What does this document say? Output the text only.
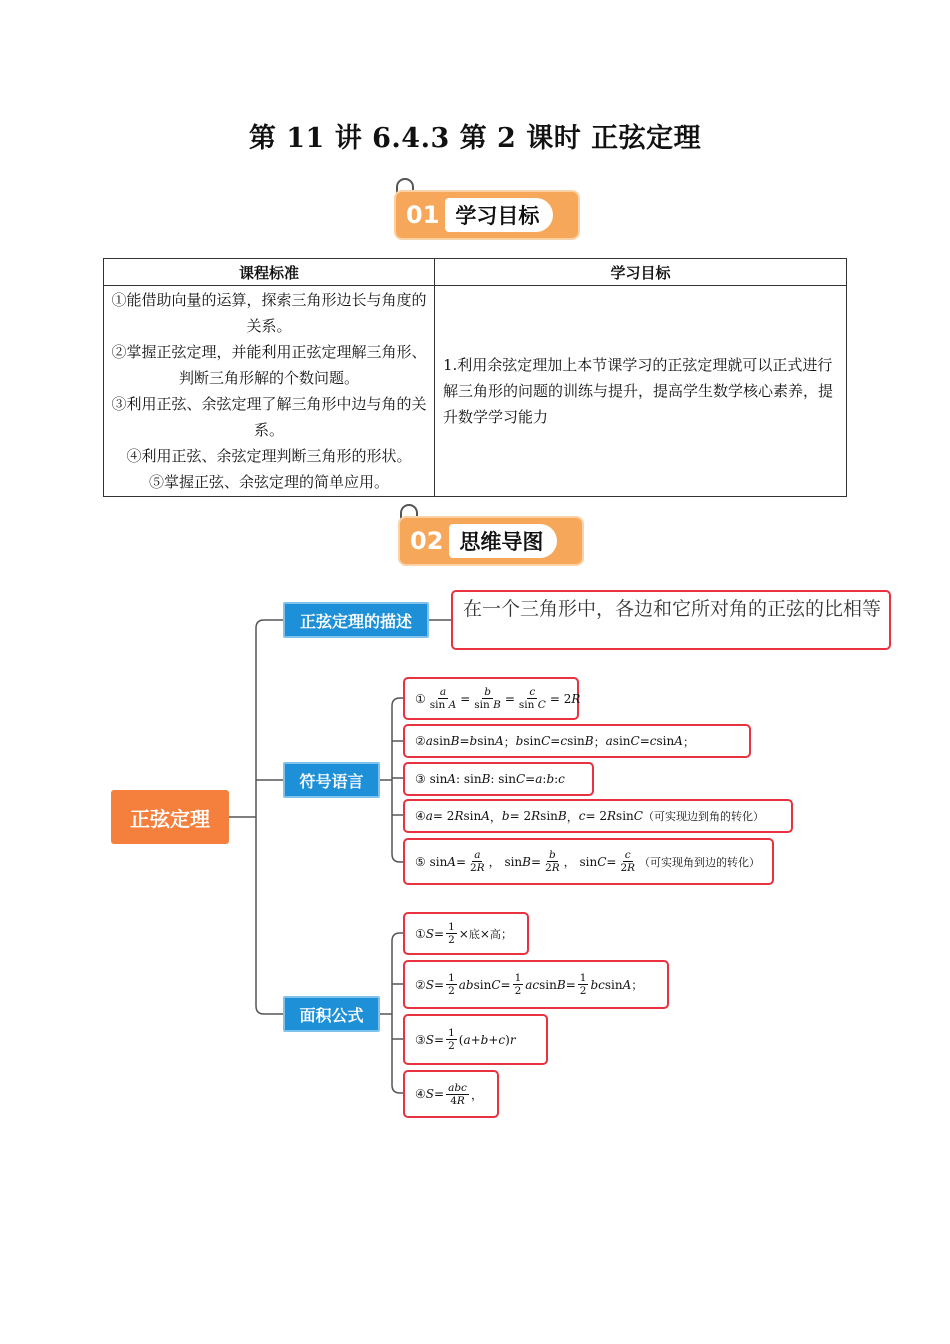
第 11 讲 6.4.3 第 2 课时 正弦定理
01 学习目标
课程标准	学习目标

①能借助向量的运算，探索三角形边长与角度的关系。
②掌握正弦定理，并能利用正弦定理解三角形、判断三角形解的个数问题。
③利用正弦、余弦定理了解三角形中边与角的关系。
④利用正弦、余弦定理判断三角形的形状。
⑤掌握正弦、余弦定理的简单应用。	1.利用余弦定理加上本节课学习的正弦定理就可以正式进行解三角形的问题的训练与提升，提高学生数学核心素养，提升数学学习能力
02 思维导图
正弦定理
正弦定理的描述
符号语言
面积公式
在一个三角形中，各边和它所对角的正弦的比相等
① $\frac{a}{\text{sin A}} = \frac{b}{\text{sin B}} = \frac{c}{\text{sin C}} = 2$ R
② a sin B = b sin A ； b sin C = c sin B ； a sin C = c sin A ；
③ sin A : sin B : sin C = a : b : c
④ a = 2 R sin A ， b = 2 R sin B ， c = 2 R sin C （可实现边到角的转化）
⑤ $\sin A = \frac{a}{2R}$ ， $\sin B = \frac{b}{2R}$ ， $\sin C = \frac{c}{2R}$ （可实现角到边的转化）
① $S = \frac{1}{2}$ × 底 × 高 ；
② $S = \frac{1}{2}$ ab $\sin C = \frac{1}{2}$ ac $\sin B = \frac{1}{2}$ bc sin A ；
③ $S = \frac{1}{2}$ ( a + b + c ) r
④ $S = \frac{\text{abc}}{4R}$ ，
